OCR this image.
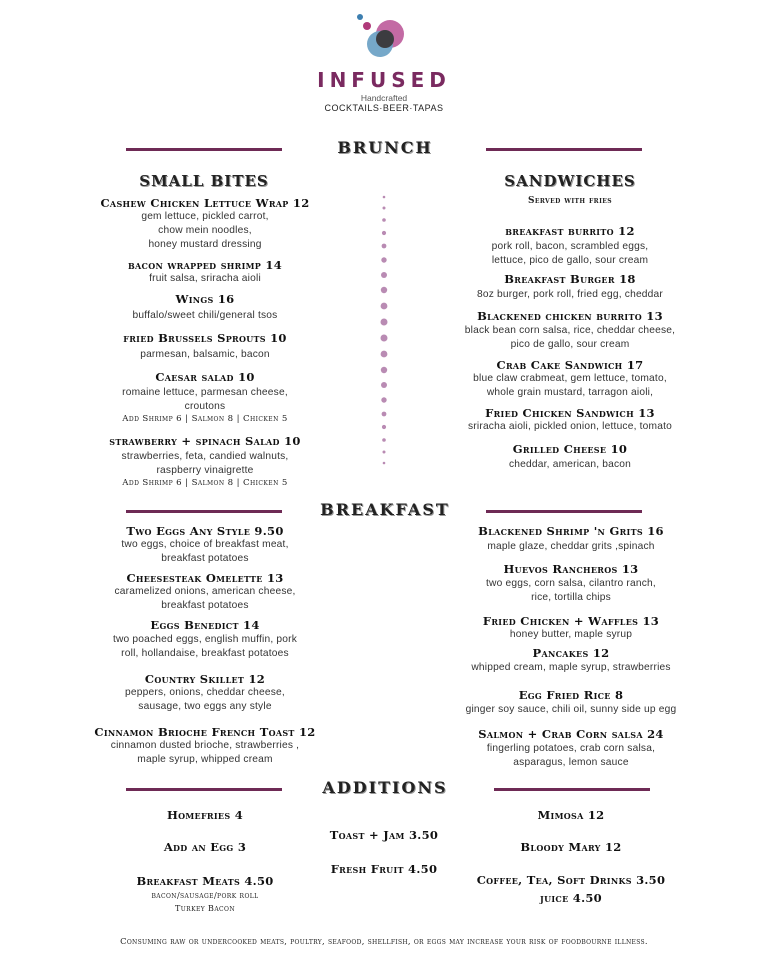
INFUSED
Handcrafted
COCKTAILS·BEER·TAPAS
BRUNCH
SMALL BITES
Cashew Chicken Lettuce Wrap 12
gem lettuce, pickled carrot,
chow mein noodles,
honey mustard dressing
bacon wrapped shrimp 14
fruit salsa, sriracha aioli
Wings 16
buffalo/sweet chili/general tsos
fried Brussels Sprouts 10
parmesan, balsamic, bacon
Caesar salad 10
romaine lettuce, parmesan cheese,
croutons
Add Shrimp 6 | Salmon 8 | Chicken 5
strawberry + spinach Salad 10
strawberries, feta, candied walnuts,
raspberry vinaigrette
Add Shrimp 6 | Salmon 8 | Chicken 5
SANDWICHES
Served with fries
breakfast burrito 12
pork roll, bacon, scrambled eggs,
lettuce, pico de gallo, sour cream
Breakfast Burger 18
8oz burger, pork roll, fried egg, cheddar
Blackened chicken burrito 13
black bean corn salsa, rice, cheddar cheese,
pico de gallo, sour cream
Crab Cake Sandwich 17
blue claw crabmeat, gem lettuce, tomato,
whole grain mustard, tarragon aioli,
Fried Chicken Sandwich 13
sriracha aioli, pickled onion, lettuce, tomato
Grilled Cheese 10
cheddar, american, bacon
BREAKFAST
Two Eggs Any Style 9.50
two eggs, choice of breakfast meat,
breakfast potatoes
Cheesesteak Omelette 13
caramelized onions, american cheese,
breakfast potatoes
Eggs Benedict 14
two poached eggs, english muffin, pork
roll, hollandaise, breakfast potatoes
Country Skillet 12
peppers, onions, cheddar cheese,
sausage, two eggs any style
Cinnamon Brioche French Toast 12
cinnamon dusted brioche, strawberries ,
maple syrup, whipped cream
Blackened Shrimp 'n Grits 16
maple glaze, cheddar grits ,spinach
Huevos Rancheros 13
two eggs, corn salsa, cilantro ranch,
rice, tortilla chips
Fried Chicken + Waffles 13
honey butter, maple syrup
Pancakes 12
whipped cream, maple syrup, strawberries
Egg Fried Rice 8
ginger soy sauce, chili oil, sunny side up egg
Salmon + Crab Corn salsa 24
fingerling potatoes, crab corn salsa,
asparagus, lemon sauce
ADDITIONS
Homefries 4
Add an Egg 3
Breakfast Meats 4.50
bacon/sausage/pork roll
Turkey Bacon
Toast + Jam 3.50
Fresh Fruit 4.50
Mimosa 12
Bloody Mary 12
Coffee, Tea, Soft Drinks 3.50
juice 4.50
Consuming raw or undercooked meats, poultry, seafood, shellfish, or eggs may increase your risk of foodbourne illness.
